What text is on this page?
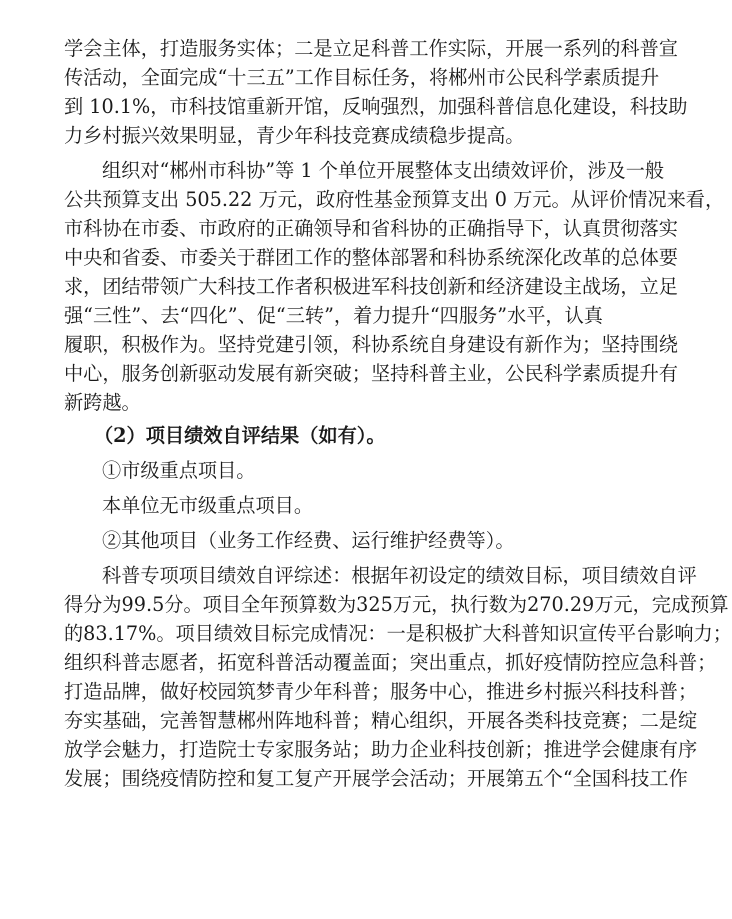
学会主体，打造服务实体；二是立足科普工作实际，开展一系列的科普宣
传活动，全面完成“十三五”工作目标任务，将郴州市公民科学素质提升
到 10.1%，市科技馆重新开馆，反响强烈，加强科普信息化建设，科技助
力乡村振兴效果明显，青少年科技竞赛成绩稳步提高。
组织对“郴州市科协”等 1 个单位开展整体支出绩效评价，涉及一般
公共预算支出 505.22 万元，政府性基金预算支出 0 万元。从评价情况来看，
市科协在市委、市政府的正确领导和省科协的正确指导下，认真贯彻落实
中央和省委、市委关于群团工作的整体部署和科协系统深化改革的总体要
求，团结带领广大科技工作者积极进军科技创新和经济建设主战场，立足
强“三性”、去“四化”、促“三转”，着力提升“四服务”水平，认真
履职，积极作为。坚持党建引领，科协系统自身建设有新作为；坚持围绕
中心，服务创新驱动发展有新突破；坚持科普主业，公民科学素质提升有
新跨越。
（2）项目绩效自评结果（如有）。
①市级重点项目。
本单位无市级重点项目。
②其他项目（业务工作经费、运行维护经费等）。
科普专项项目绩效自评综述：根据年初设定的绩效目标，项目绩效自评
得分为99.5分。项目全年预算数为325万元，执行数为270.29万元，完成预算
的83.17%。项目绩效目标完成情况：一是积极扩大科普知识宣传平台影响力；
组织科普志愿者，拓宽科普活动覆盖面；突出重点，抓好疫情防控应急科普；
打造品牌，做好校园筑梦青少年科普；服务中心，推进乡村振兴科技科普；
夯实基础，完善智慧郴州阵地科普；精心组织，开展各类科技竞赛；二是绽
放学会魅力，打造院士专家服务站；助力企业科技创新；推进学会健康有序
发展；围绕疫情防控和复工复产开展学会活动；开展第五个“全国科技工作
